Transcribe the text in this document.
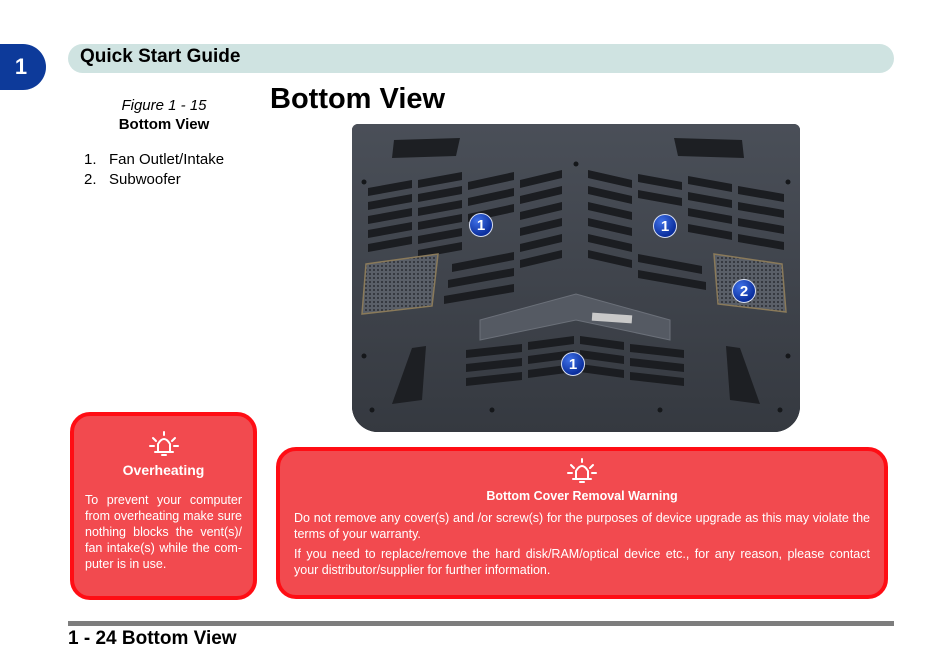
1	Quick Start Guide
Bottom View
Figure 1 - 15
Bottom View
1. Fan Outlet/Intake
2. Subwoofer
1	1
2
1
Overheating
To prevent your computer from overheating make sure nothing blocks the vent(s)/ fan intake(s) while the com- puter is in use.
Bottom Cover Removal Warning
Do not remove any cover(s) and /or screw(s) for the purposes of device upgrade as this may violate the terms of your warranty.
If you need to replace/remove the hard disk/RAM/optical device etc., for any reason, please contact your distributor/supplier for further information.
1 - 24 Bottom View
